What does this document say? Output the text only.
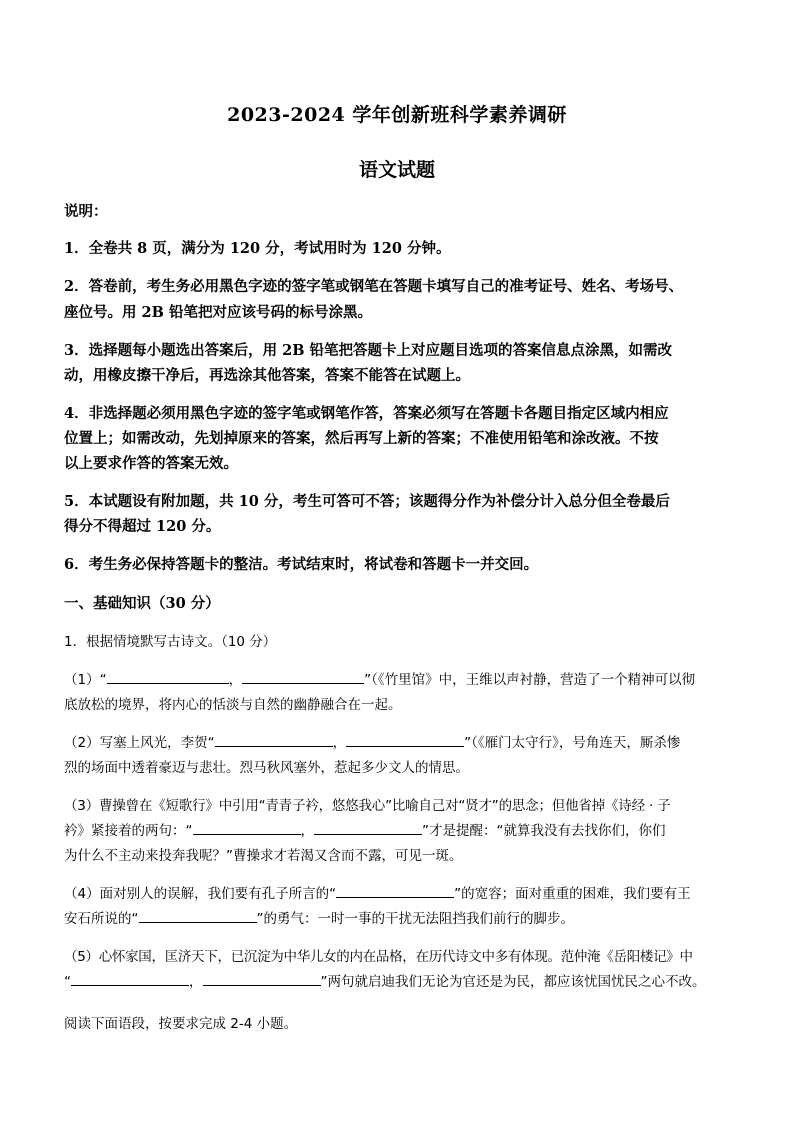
2023-2024 学年创新班科学素养调研
语文试题
说明：
1．全卷共 8 页，满分为 120 分，考试用时为 120 分钟。
2．答卷前，考生务必用黑色字迹的签字笔或钢笔在答题卡填写自己的准考证号、姓名、考场号、
座位号。用 2B 铅笔把对应该号码的标号涂黑。
3．选择题每小题选出答案后，用 2B 铅笔把答题卡上对应题目选项的答案信息点涂黑，如需改
动，用橡皮擦干净后，再选涂其他答案，答案不能答在试题上。
4．非选择题必须用黑色字迹的签字笔或钢笔作答，答案必须写在答题卡各题目指定区域内相应
位置上；如需改动，先划掉原来的答案，然后再写上新的答案；不准使用铅笔和涂改液。不按
以上要求作答的答案无效。
5．本试题设有附加题，共 10 分，考生可答可不答；该题得分作为补偿分计入总分但全卷最后
得分不得超过 120 分。
6．考生务必保持答题卡的整洁。考试结束时，将试卷和答题卡一并交回。
一、基础知识（30 分）
1．根据情境默写古诗文。（10 分）
（1）“	，	”（《竹里馆》中，王维以声衬静，营造了一个精神可以彻
底放松的境界，将内心的恬淡与自然的幽静融合在一起。
（2）写塞上风光，李贺“	，	”（《雁门太守行》，号角连天，厮杀惨
烈的场面中透着豪迈与悲壮。烈马秋风塞外，惹起多少文人的情思。
（3）曹操曾在《短歌行》中引用“青青子衿，悠悠我心”比喻自己对“贤才”的思念；但他省掉《诗经 · 子
衿》紧接着的两句：“	，	”才是提醒：“就算我没有去找你们，你们
为什么不主动来投奔我呢？”曹操求才若渴又含而不露，可见一斑。
（4）面对别人的误解，我们要有孔子所言的“	”的宽容；面对重重的困难，我们要有王
安石所说的“	”的勇气：一时一事的干扰无法阻挡我们前行的脚步。
（5）心怀家国，匡济天下，已沉淀为中华儿女的内在品格，在历代诗文中多有体现。范仲淹《岳阳楼记》中
“	，	”两句就启迪我们无论为官还是为民，都应该忧国忧民之心不改。
阅读下面语段，按要求完成 2-4 小题。
